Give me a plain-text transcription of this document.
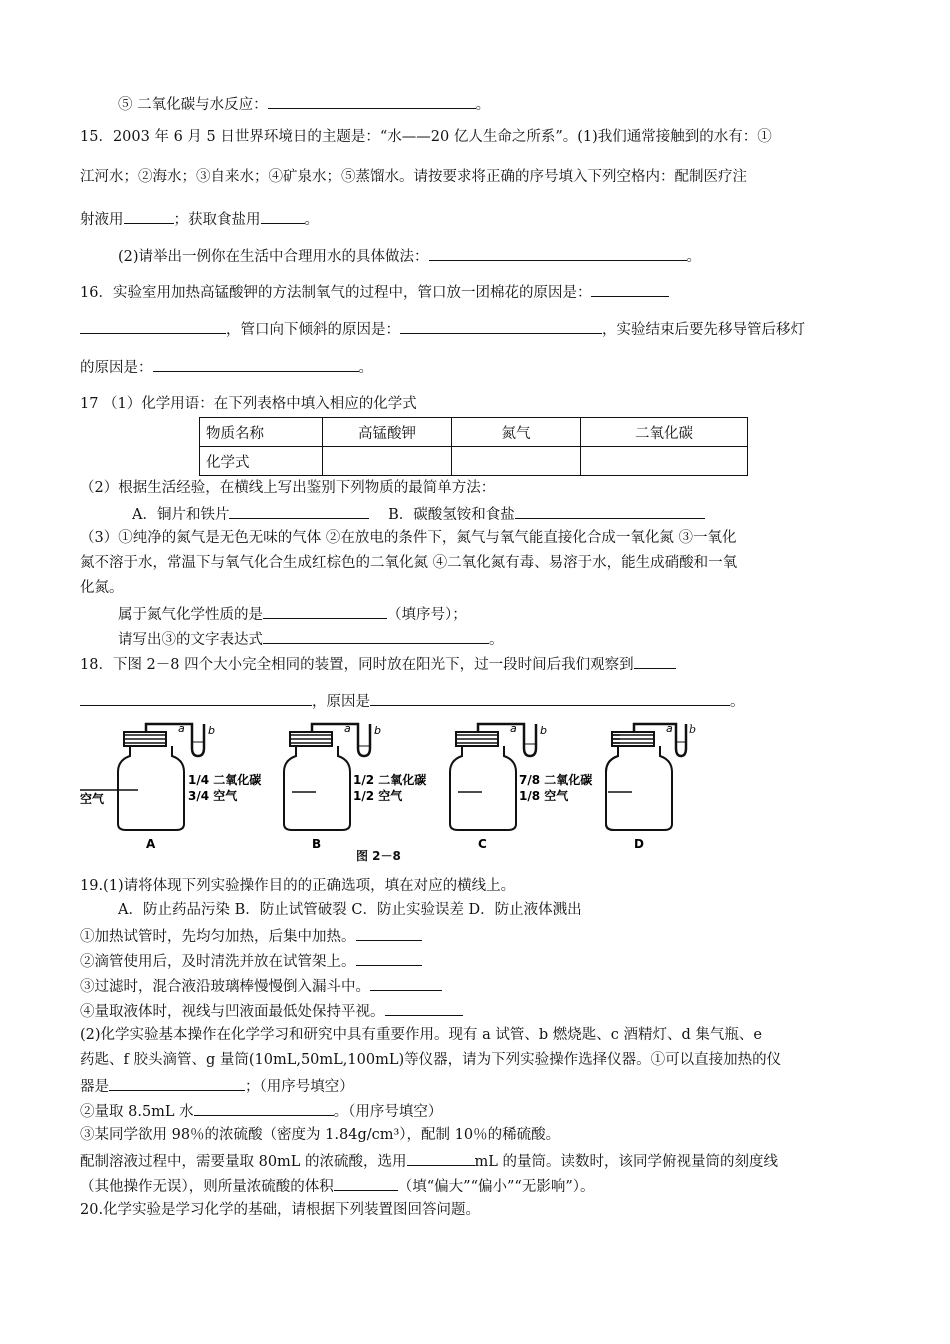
⑤ 二氧化碳与水反应：	。
15．2003 年 6 月 5 日世界环境日的主题是：“水——20 亿人生命之所系”。(1)我们通常接触到的水有：①
江河水；②海水；③自来水；④矿泉水；⑤蒸馏水。请按要求将正确的序号填入下列空格内：配制医疗注
射液用	；获取食盐用	。
(2)请举出一例你在生活中合理用水的具体做法：	。
16．实验室用加热高锰酸钾的方法制氧气的过程中，管口放一团棉花的原因是：
，管口向下倾斜的原因是：	，实验结束后要先移导管后移灯
的原因是：	。
17 （1）化学用语：在下列表格中填入相应的化学式
物质名称	高锰酸钾	氮气	二氧化碳
化学式			
（2）根据生活经验，在横线上写出鉴别下列物质的最简单方法：
A．铜片和铁片	B．碳酸氢铵和食盐
（3）①纯净的氮气是无色无味的气体 ②在放电的条件下，氮气与氧气能直接化合成一氧化氮 ③一氧化
氮不溶于水，常温下与氧气化合生成红棕色的二氧化氮 ④二氧化氮有毒、易溶于水，能生成硝酸和一氧
化氮。
属于氮气化学性质的是	（填序号）；
请写出③的文字表达式	。
18．下图 2－8 四个大小完全相同的装置，同时放在阳光下，过一段时间后我们观察到
，原因是	。
a b
空气
1/4 二氧化碳
3/4 空气
A
a b
1/2 二氧化碳
1/2 空气
B
a b
7/8 二氧化碳
1/8 空气
C
a
D
b
图 2－8
19.(1)请将体现下列实验操作目的的正确选项，填在对应的横线上。
A．防止药品污染 B．防止试管破裂 C．防止实验误差 D．防止液体溅出
①加热试管时，先均匀加热，后集中加热。
②滴管使用后，及时清洗并放在试管架上。
③过滤时，混合液沿玻璃棒慢慢倒入漏斗中。
④量取液体时，视线与凹液面最低处保持平视。
(2)化学实验基本操作在化学学习和研究中具有重要作用。现有 a 试管、b 燃烧匙、c 酒精灯、d 集气瓶、e
药匙、f 胶头滴管、g 量筒(10mL,50mL,100mL)等仪器，请为下列实验操作选择仪器。①可以直接加热的仪
器是	；（用序号填空）
②量取 8.5mL 水	。（用序号填空）
③某同学欲用 98％的浓硫酸（密度为 1.84g/cm³），配制 10％的稀硫酸。
配制溶液过程中，需要量取 80mL 的浓硫酸，选用	mL 的量筒。读数时，该同学俯视量筒的刻度线
（其他操作无误），则所量浓硫酸的体积	（填“偏大”“偏小”“无影响”）。
20.化学实验是学习化学的基础，请根据下列装置图回答问题。
